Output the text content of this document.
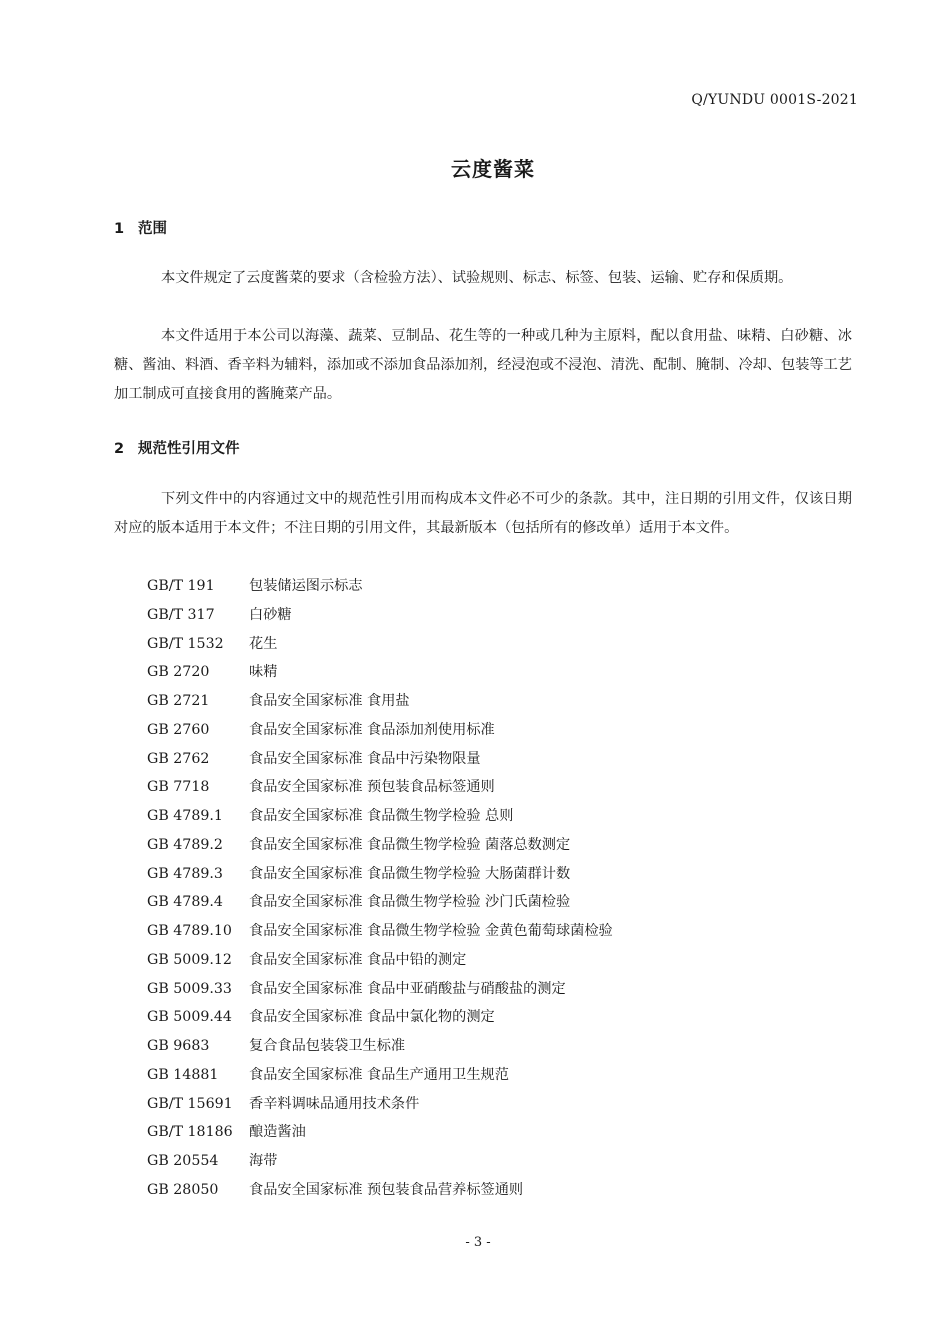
Q/YUNDU 0001S-2021
云度酱菜
1 范围

本文件规定了云度酱菜的要求（含检验方法）、试验规则、标志、标签、包装、运输、贮存和保质期。

本文件适用于本公司以海藻、蔬菜、豆制品、花生等的一种或几种为主原料，配以食用盐、味精、白砂糖、冰糖、酱油、料酒、香辛料为辅料，添加或不添加食品添加剂，经浸泡或不浸泡、清洗、配制、腌制、冷却、包装等工艺加工制成可直接食用的酱腌菜产品。

2 规范性引用文件

下列文件中的内容通过文中的规范性引用而构成本文件必不可少的条款。其中，注日期的引用文件，仅该日期对应的版本适用于本文件；不注日期的引用文件，其最新版本（包括所有的修改单）适用于本文件。

GB/T 191 包装储运图示标志
GB/T 317 白砂糖
GB/T 1532 花生
GB 2720	味精
GB 2721	食品安全国家标准 食用盐
GB 2760	食品安全国家标准 食品添加剂使用标准
GB 2762	食品安全国家标准 食品中污染物限量
GB 7718	食品安全国家标准 预包装食品标签通则
GB 4789.1 食品安全国家标准 食品微生物学检验 总则
GB 4789.2 食品安全国家标准 食品微生物学检验 菌落总数测定
GB 4789.3 食品安全国家标准 食品微生物学检验 大肠菌群计数
GB 4789.4 食品安全国家标准 食品微生物学检验 沙门氏菌检验
GB 4789.10 食品安全国家标准 食品微生物学检验 金黄色葡萄球菌检验
GB 5009.12 食品安全国家标准 食品中铅的测定
GB 5009.33 食品安全国家标准 食品中亚硝酸盐与硝酸盐的测定
GB 5009.44 食品安全国家标准 食品中氯化物的测定
GB 9683	复合食品包装袋卫生标准
GB 14881 食品安全国家标准 食品生产通用卫生规范
GB/T 15691 香辛料调味品通用技术条件
GB/T 18186 酿造酱油
GB 20554 海带
GB 28050 食品安全国家标准 预包装食品营养标签通则
- 3 -
